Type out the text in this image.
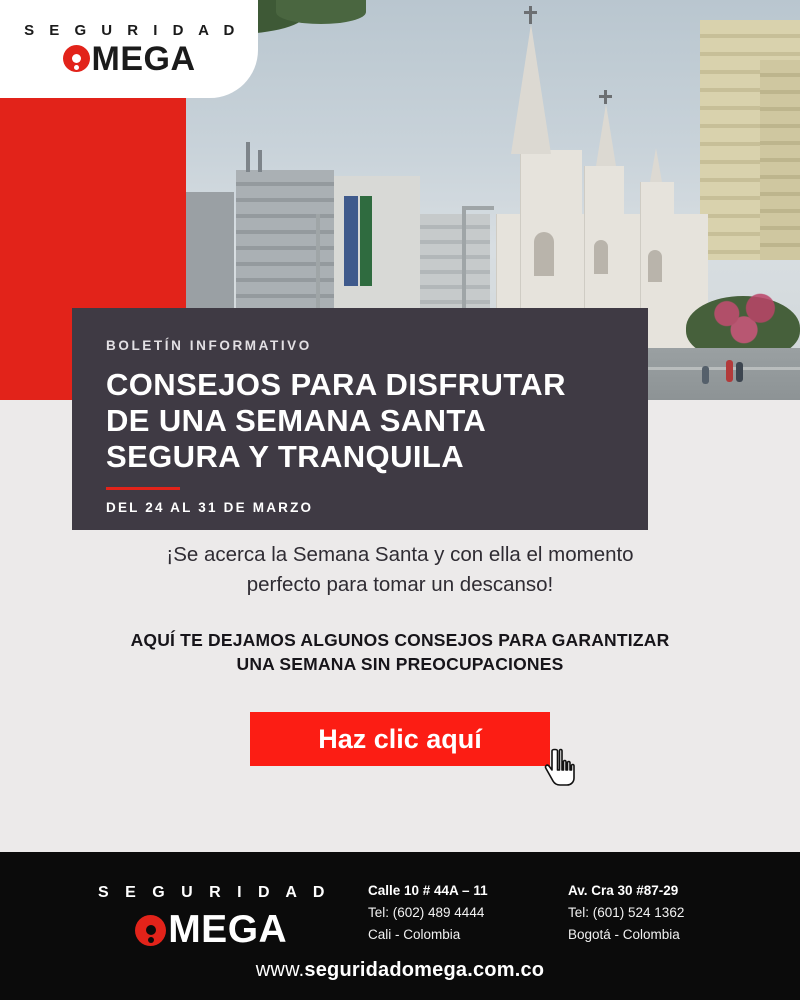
S E G U R I D A D
MEGA
BOLETÍN INFORMATIVO
CONSEJOS PARA DISFRUTAR
DE UNA SEMANA SANTA
SEGURA Y TRANQUILA
DEL 24 AL 31 DE MARZO
¡Se acerca la Semana Santa y con ella el momento
perfecto para tomar un descanso!
AQUÍ TE DEJAMOS ALGUNOS CONSEJOS PARA GARANTIZAR
UNA SEMANA SIN PREOCUPACIONES
Haz clic aquí
S E G U R I D A D
MEGA
Calle 10 # 44A – 11
Tel: (602) 489 4444
Cali - Colombia
Av. Cra 30 #87-29
Tel: (601) 524 1362
Bogotá - Colombia
www.seguridadomega.com.co
